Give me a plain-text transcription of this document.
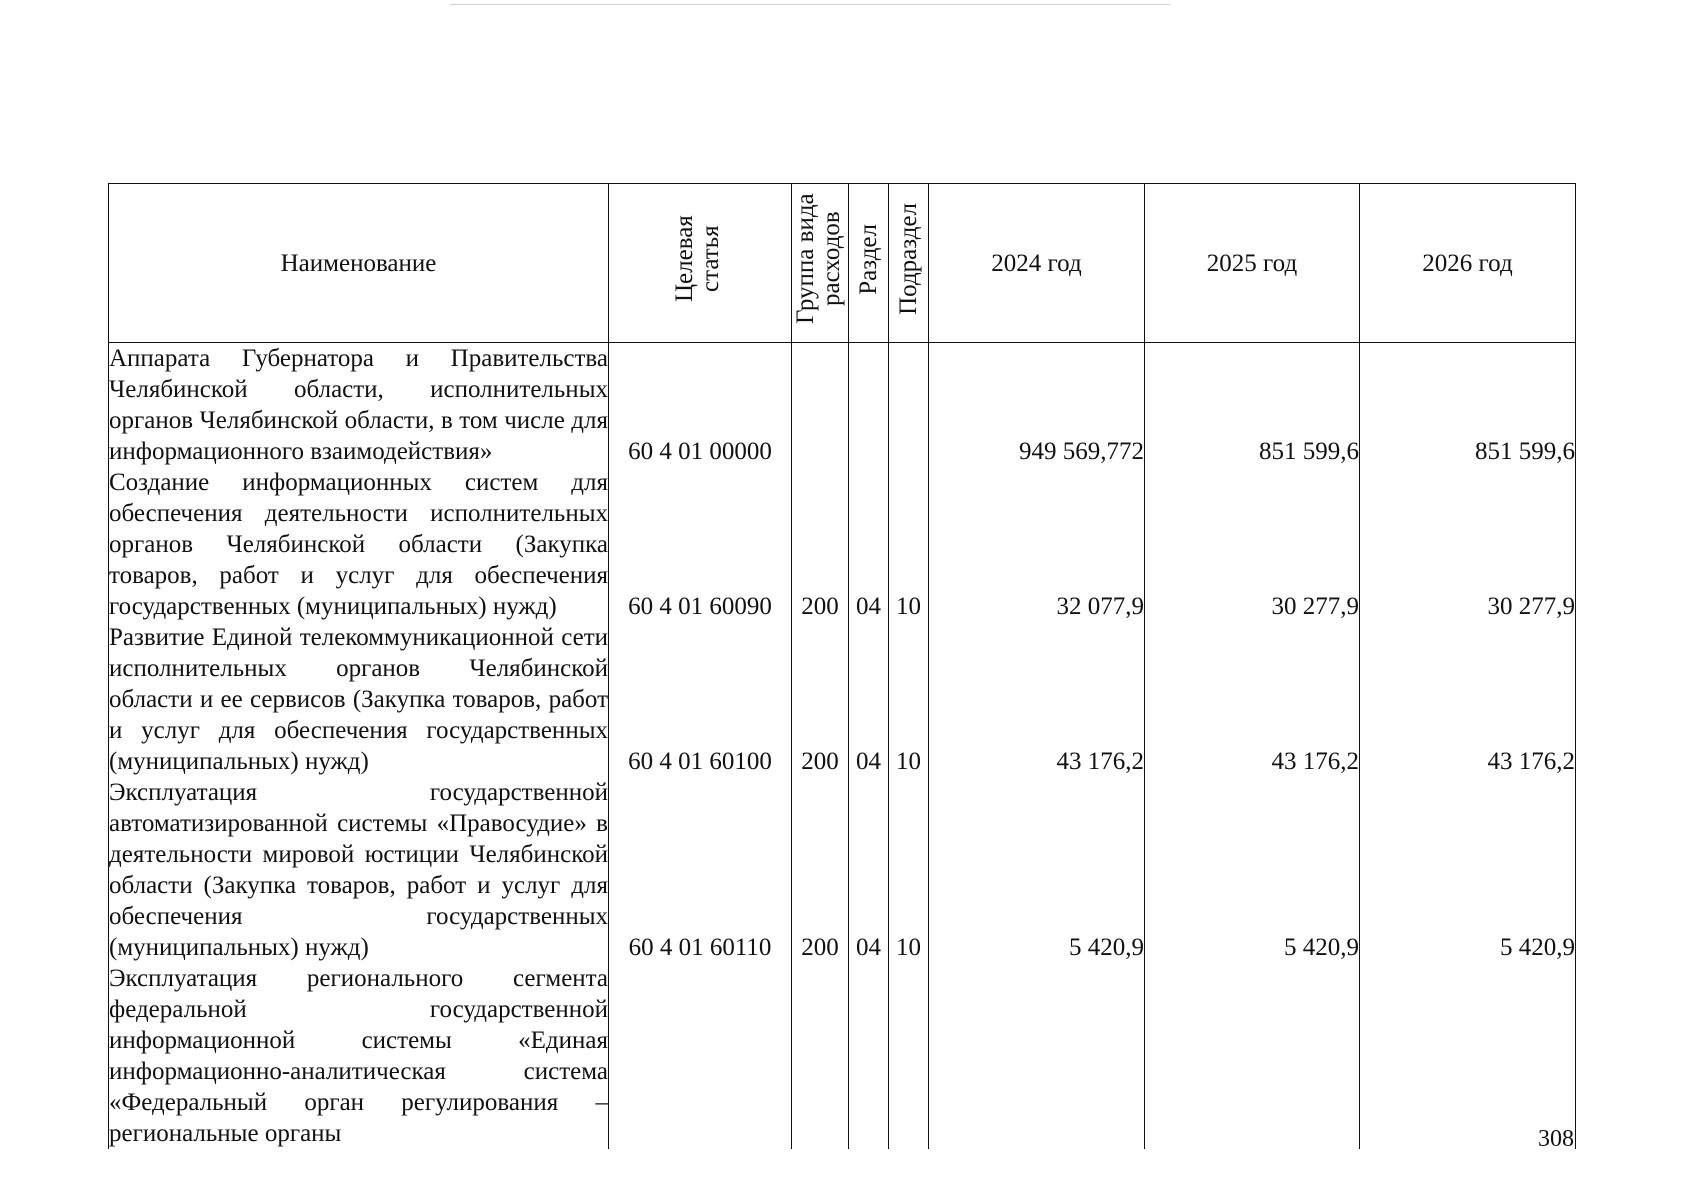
Наименование	Целевая статья	Группа вида расходов	Раздел	Подраздел	2024 год	2025 год	2026 год
Аппарата Губернатора и Правительства Челябинской области, исполнительных органов Челябинской области, в том числе для информационного взаимодействия»	60 4 01 00000				949 569,772	851 599,6	851 599,6
Создание информационных систем для обеспечения деятельности исполнительных органов Челябинской области (Закупка товаров, работ и услуг для обеспечения государственных (муниципальных) нужд)	60 4 01 60090	200	04	10	32 077,9	30 277,9	30 277,9
Развитие Единой телекоммуникационной сети исполнительных органов Челябинской области и ее сервисов (Закупка товаров, работ и услуг для обеспечения государственных (муниципальных) нужд)	60 4 01 60100	200	04	10	43 176,2	43 176,2	43 176,2
Эксплуатация государственной автоматизированной системы «Правосудие» в деятельности мировой юстиции Челябинской области (Закупка товаров, работ и услуг для обеспечения государственных (муниципальных) нужд)	60 4 01 60110	200	04	10	5 420,9	5 420,9	5 420,9
Эксплуатация регионального сегмента федеральной государственной информационной системы «Единая информационно-аналитическая система «Федеральный орган регулирования – региональные органы								308
